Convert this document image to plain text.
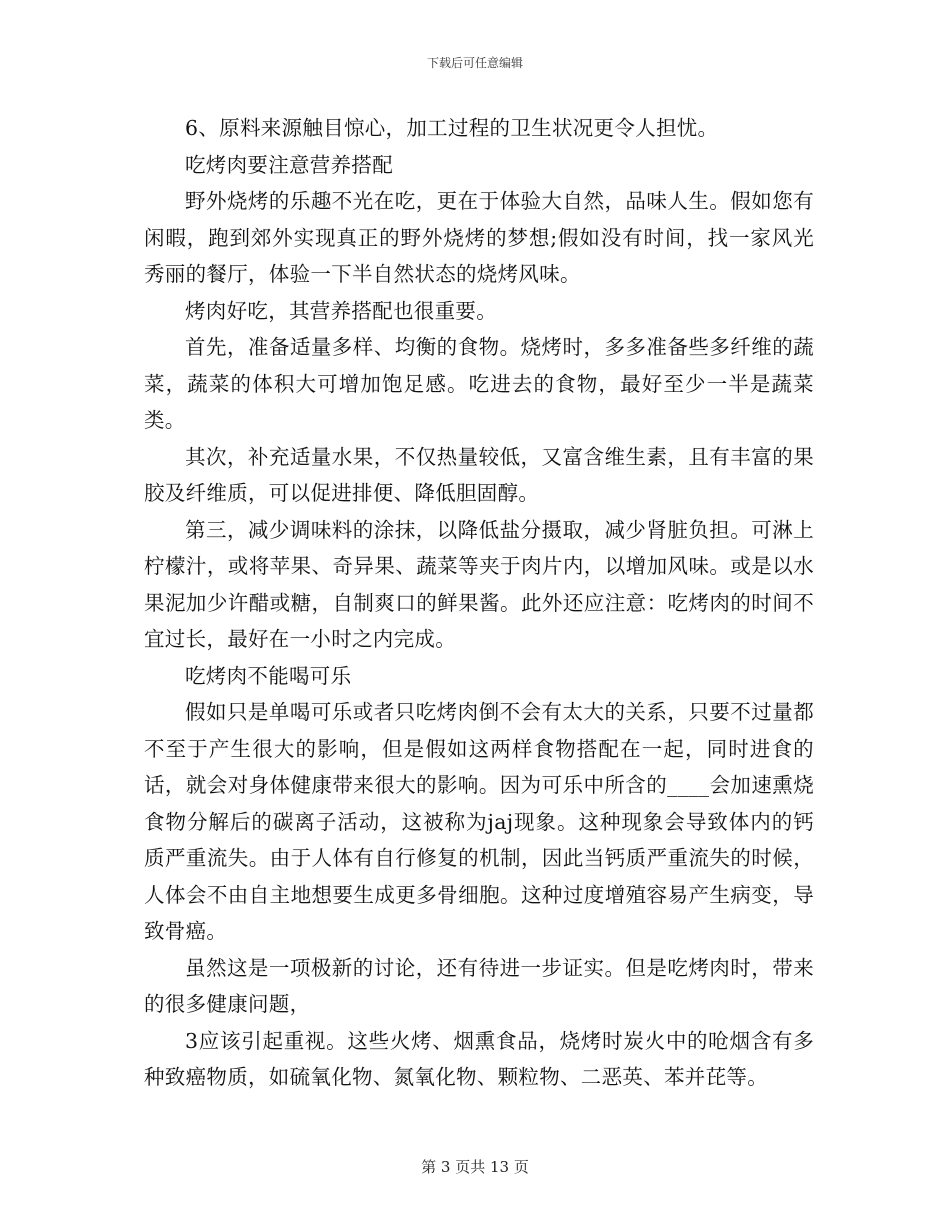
下载后可任意编辑

6、原料来源触目惊心，加工过程的卫生状况更令人担忧。

吃烤肉要注意营养搭配

野外烧烤的乐趣不光在吃，更在于体验大自然，品味人生。假如您有闲暇，跑到郊外实现真正的野外烧烤的梦想;假如没有时间，找一家风光秀丽的餐厅，体验一下半自然状态的烧烤风味。

烤肉好吃，其营养搭配也很重要。

首先，准备适量多样、均衡的食物。烧烤时，多多准备些多纤维的蔬菜，蔬菜的体积大可增加饱足感。吃进去的食物，最好至少一半是蔬菜类。

其次，补充适量水果，不仅热量较低，又富含维生素，且有丰富的果胶及纤维质，可以促进排便、降低胆固醇。

第三，减少调味料的涂抹，以降低盐分摄取，减少肾脏负担。可淋上柠檬汁，或将苹果、奇异果、蔬菜等夹于肉片内，以增加风味。或是以水果泥加少许醋或糖，自制爽口的鲜果酱。此外还应注意：吃烤肉的时间不宜过长，最好在一小时之内完成。

吃烤肉不能喝可乐

假如只是单喝可乐或者只吃烤肉倒不会有太大的关系，只要不过量都不至于产生很大的影响，但是假如这两样食物搭配在一起，同时进食的话，就会对身体健康带来很大的影响。因为可乐中所含的____会加速熏烧食物分解后的碳离子活动，这被称为jaj现象。这种现象会导致体内的钙质严重流失。由于人体有自行修复的机制，因此当钙质严重流失的时候，人体会不由自主地想要生成更多骨细胞。这种过度增殖容易产生病变，导致骨癌。

虽然这是一项极新的讨论，还有待进一步证实。但是吃烤肉时，带来的很多健康问题，

3应该引起重视。这些火烤、烟熏食品，烧烤时炭火中的呛烟含有多种致癌物质，如硫氧化物、氮氧化物、颗粒物、二恶英、苯并芘等。

第 3 页共 13 页
